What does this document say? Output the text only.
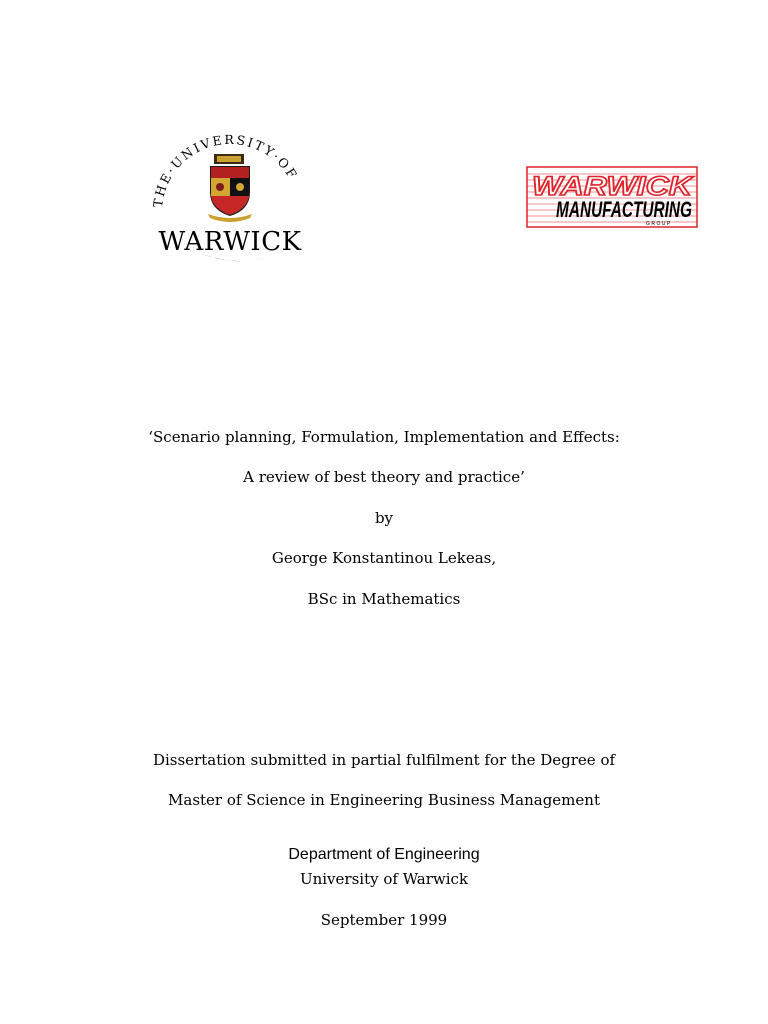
THE·UNIVERSITY·OF
WARWICK
WARWICK
MANUFACTURING
GROUP
‘Scenario planning, Formulation, Implementation and Effects:
A review of best theory and practice’
by
George Konstantinou Lekeas,
BSc in Mathematics
Dissertation submitted in partial fulfilment for the Degree of
Master of Science in Engineering Business Management
Department of Engineering
University of Warwick
September 1999
